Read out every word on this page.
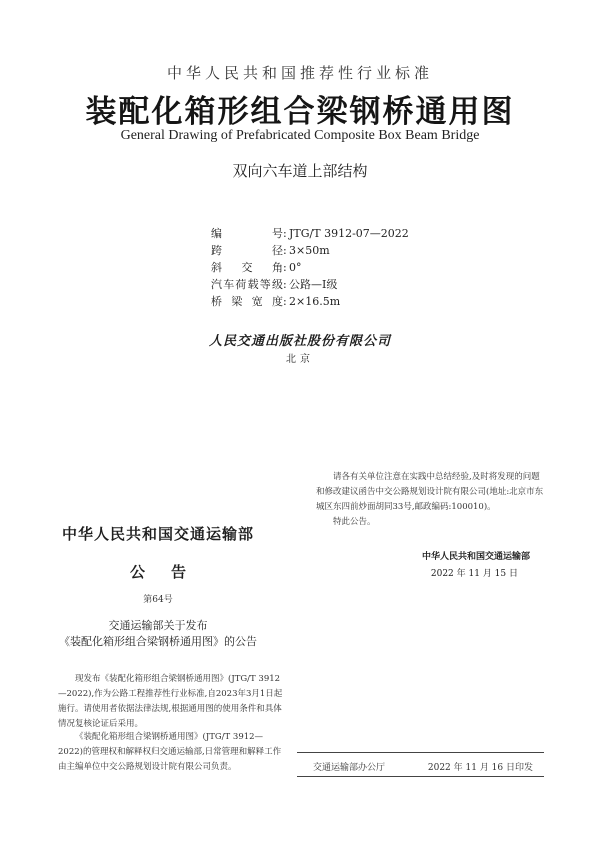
中华人民共和国推荐性行业标准
装配化箱形组合梁钢桥通用图
General Drawing of Prefabricated Composite Box Beam Bridge
双向六车道上部结构
编号: JTG/T 3912-07—2022
跨径: 3×50m
斜交角: 0°
汽车荷载等级: 公路—Ⅰ级
桥梁宽度: 2×16.5m
人民交通出版社股份有限公司
北京
请各有关单位注意在实践中总结经验,及时将发现的问题和修改建议函告中交公路规划设计院有限公司(地址:北京市东城区东四前炒面胡同33号,邮政编码:100010)。
特此公告。
中华人民共和国交通运输部
2022 年 11 月 15 日
中华人民共和国交通运输部
公告
第64号
交通运输部关于发布
《装配化箱形组合梁钢桥通用图》的公告
现发布《装配化箱形组合梁钢桥通用图》(JTG/T 3912—2022),作为公路工程推荐性行业标准,自2023年3月1日起施行。请使用者依据法律法规,根据通用图的使用条件和具体情况复核论证后采用。
《装配化箱形组合梁钢桥通用图》(JTG/T 3912—2022)的管理权和解释权归交通运输部,日常管理和解释工作由主编单位中交公路规划设计院有限公司负责。	交通运输部办公厅	2022 年 11 月 16 日印发
